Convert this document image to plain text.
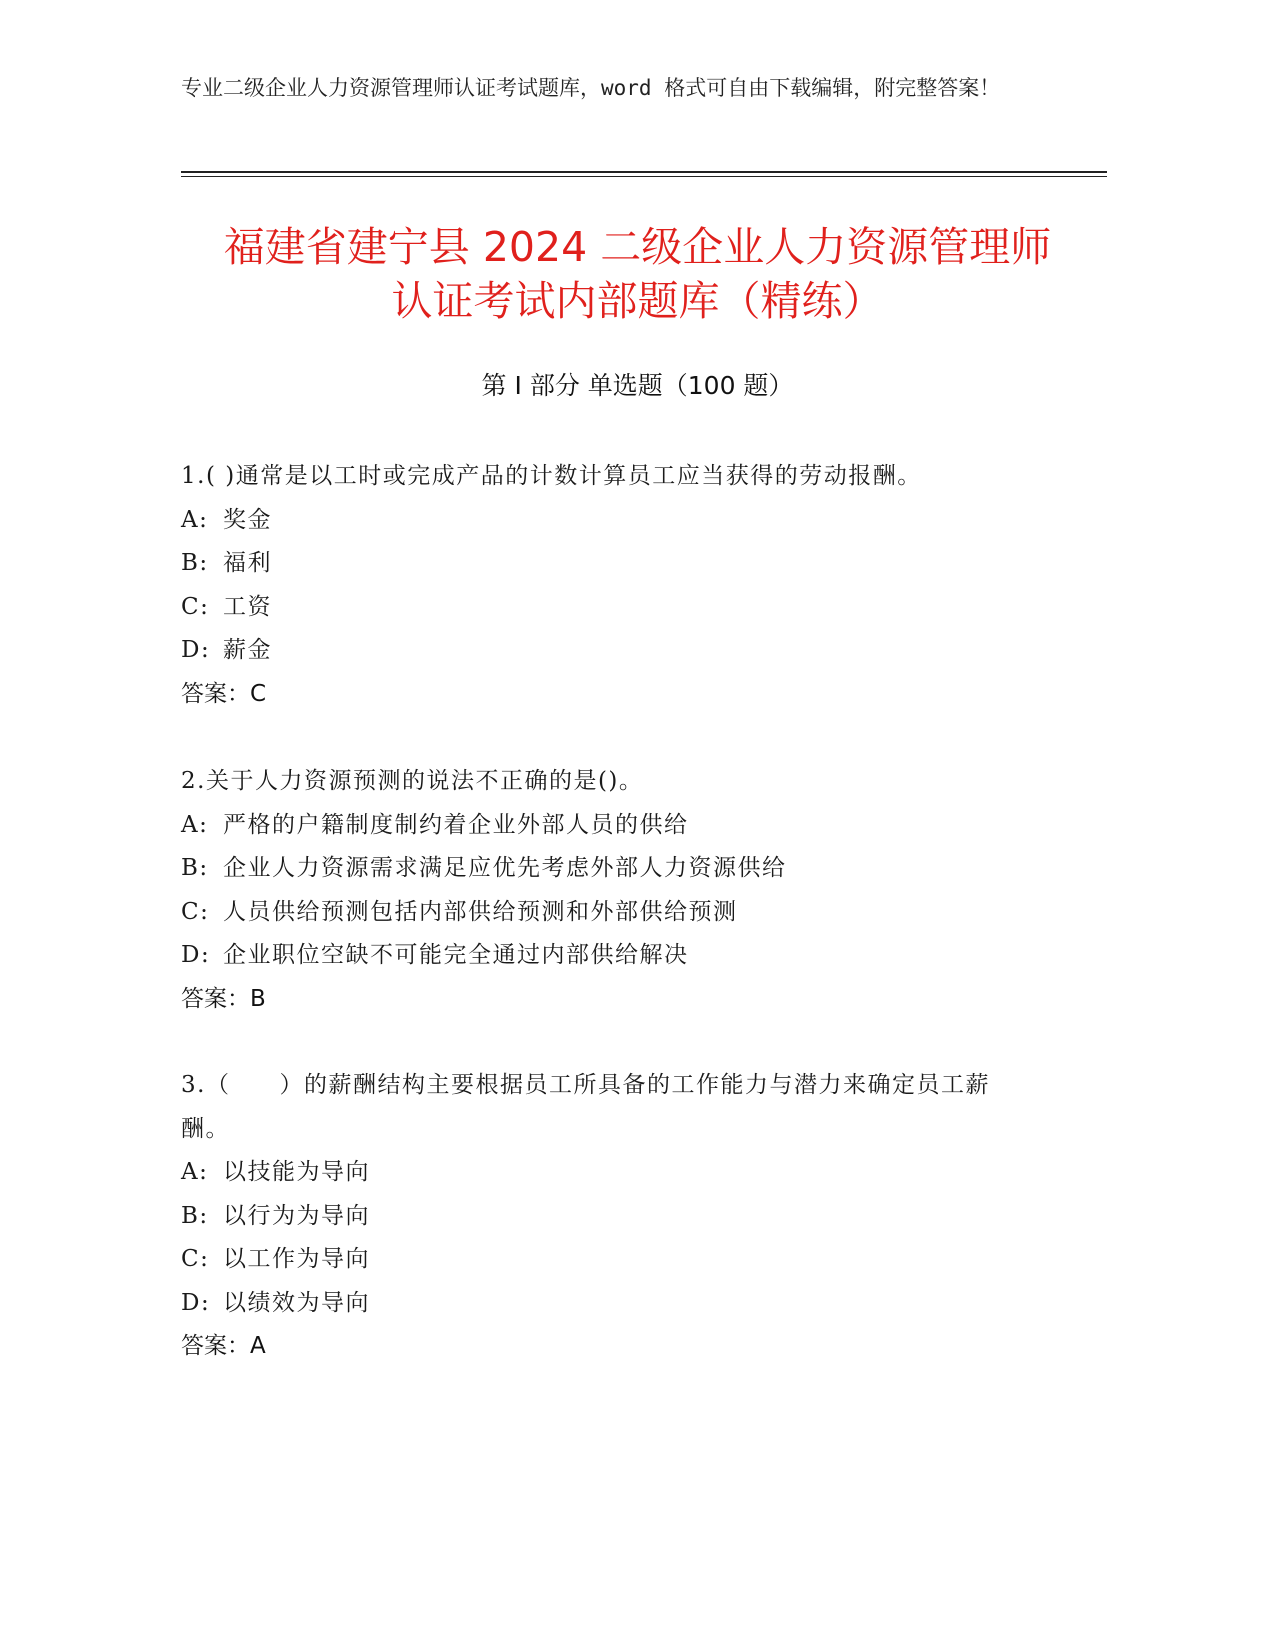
专业二级企业人力资源管理师认证考试题库，word 格式可自由下载编辑，附完整答案！
福建省建宁县 2024 二级企业人力资源管理师
认证考试内部题库（精练）
第 I 部分 单选题（100 题）
1.( )通常是以工时或完成产品的计数计算员工应当获得的劳动报酬。
A: 奖金
B: 福利
C: 工资
D: 薪金
答案：C
2.关于人力资源预测的说法不正确的是()。
A: 严格的户籍制度制约着企业外部人员的供给
B: 企业人力资源需求满足应优先考虑外部人力资源供给
C: 人员供给预测包括内部供给预测和外部供给预测
D: 企业职位空缺不可能完全通过内部供给解决
答案：B
3.（　　）的薪酬结构主要根据员工所具备的工作能力与潜力来确定员工薪酬。
A: 以技能为导向
B: 以行为为导向
C: 以工作为导向
D: 以绩效为导向
答案：A
